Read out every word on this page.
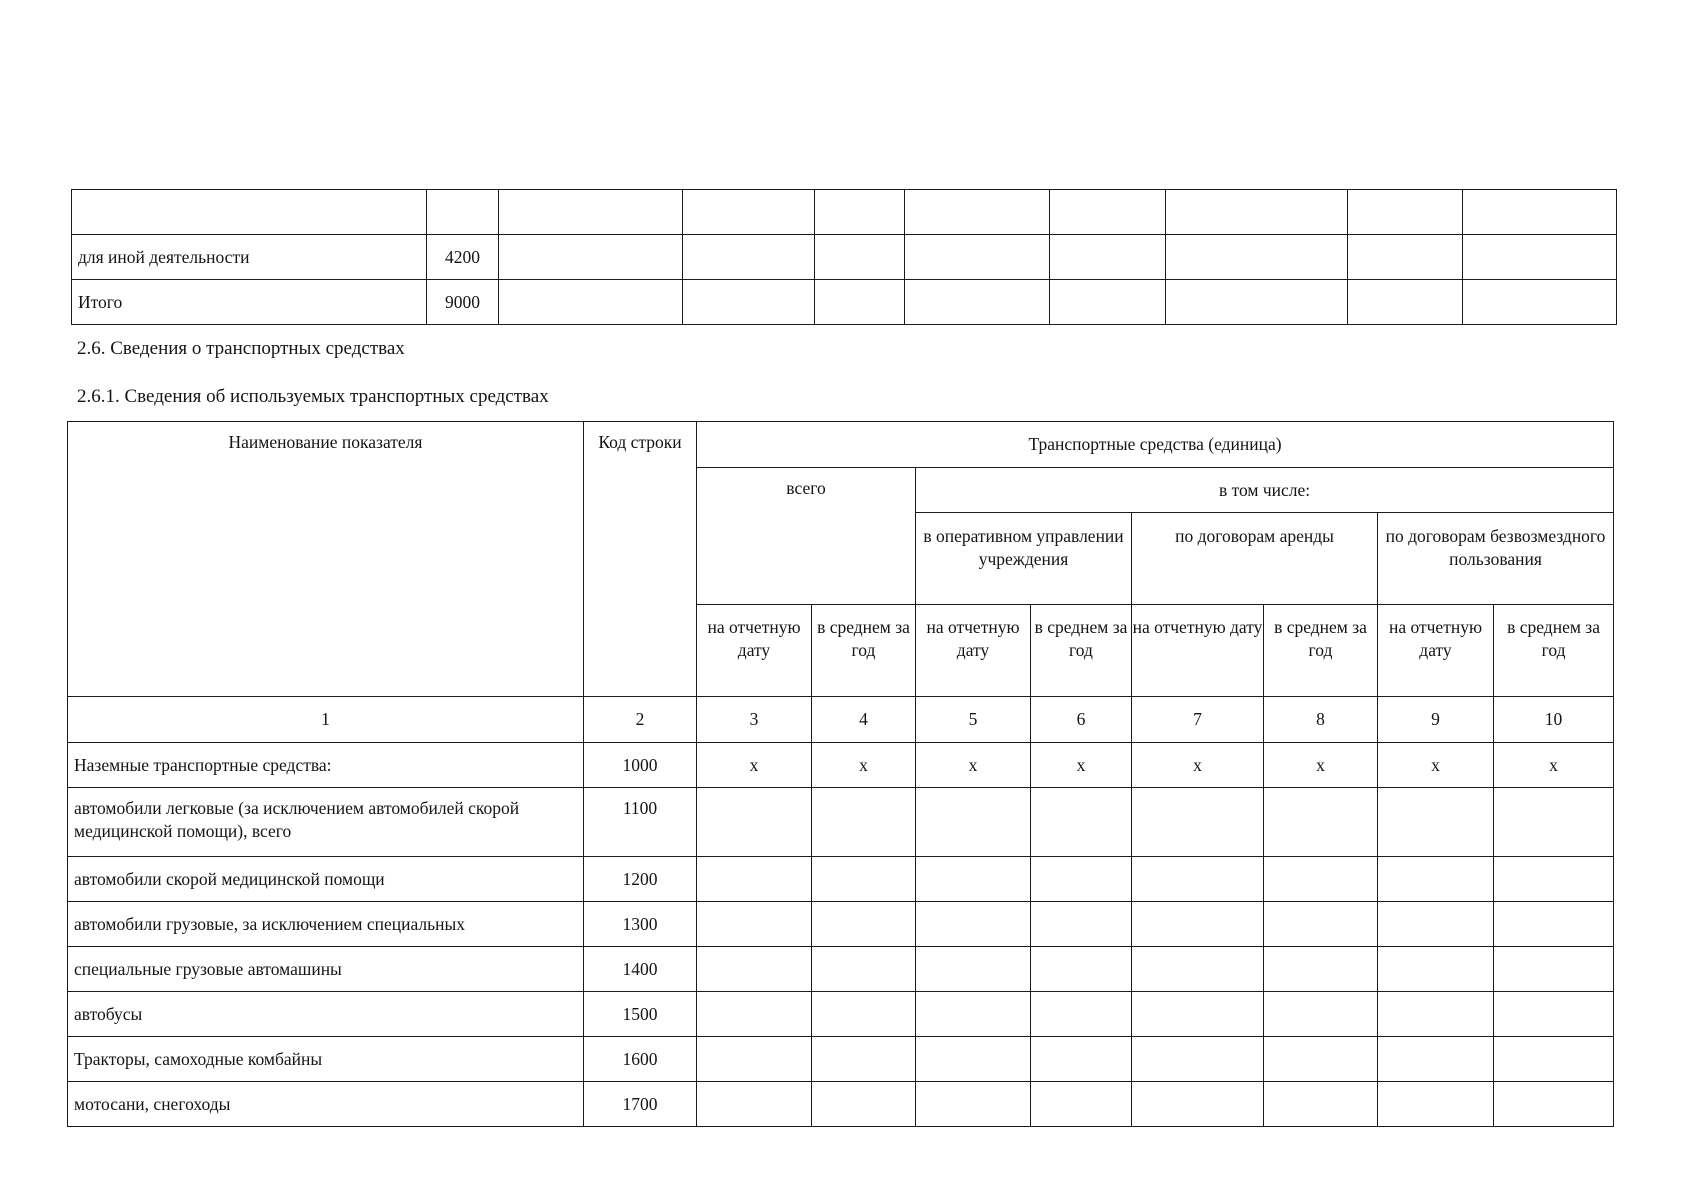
для иной деятельности	4200								
Итого	9000								
2.6. Сведения о транспортных средствах
2.6.1. Сведения об используемых транспортных средствах
Наименование показателя	Код строки	Транспортные средства (единица)							
		всего		в том числе:					
				в оперативном управлении учреждения		по договорам аренды		по договорам безвозмездного пользования	
		на отчетную дату	в среднем за год	на отчетную дату	в среднем за год	на отчетную дату	в среднем за год	на отчетную дату	в среднем за год
1	2	3	4	5	6	7	8	9	10
Наземные транспортные средства:	1000	x	x	x	x	x	x	x	x
автомобили легковые (за исключением автомобилей скорой медицинской помощи), всего	1100								
автомобили скорой медицинской помощи	1200								
автомобили грузовые, за исключением специальных	1300								
специальные грузовые автомашины	1400								
автобусы	1500								
Тракторы, самоходные комбайны	1600								
мотосани, снегоходы	1700								
